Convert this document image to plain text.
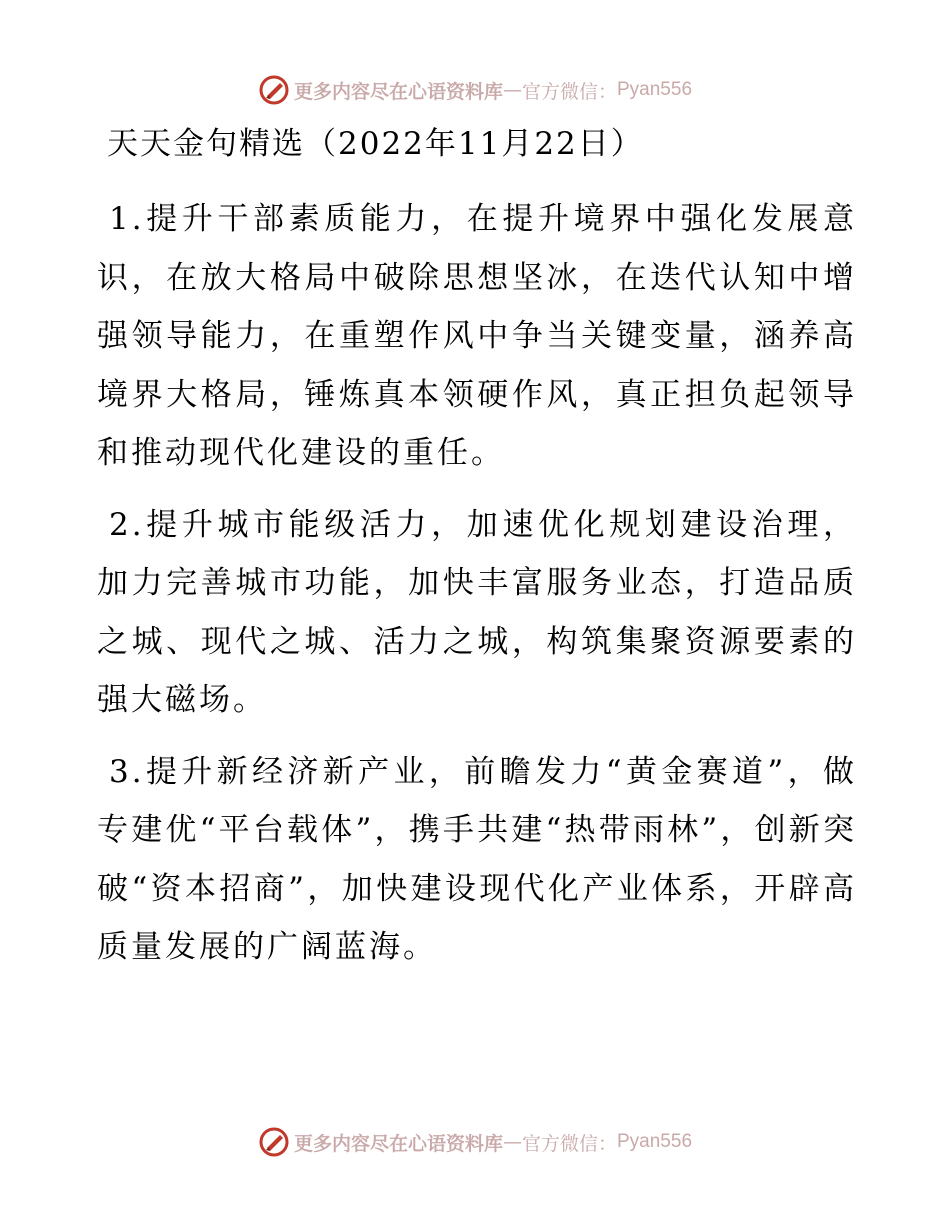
更多内容尽在心语资料库 — 官方微信： Pyan556
天天金句精选（2022年11月22日）

1.提升干部素质能力，在提升境界中强化发展意识，在放大格局中破除思想坚冰，在迭代认知中增强领导能力，在重塑作风中争当关键变量，涵养高境界大格局，锤炼真本领硬作风，真正担负起领导和推动现代化建设的重任。

2.提升城市能级活力，加速优化规划建设治理，加力完善城市功能，加快丰富服务业态，打造品质之城、现代之城、活力之城，构筑集聚资源要素的强大磁场。

3.提升新经济新产业，前瞻发力“黄金赛道”，做专建优“平台载体”，携手共建“热带雨林”，创新突破“资本招商”，加快建设现代化产业体系，开辟高质量发展的广阔蓝海。

更多内容尽在心语资料库 — 官方微信： Pyan556
